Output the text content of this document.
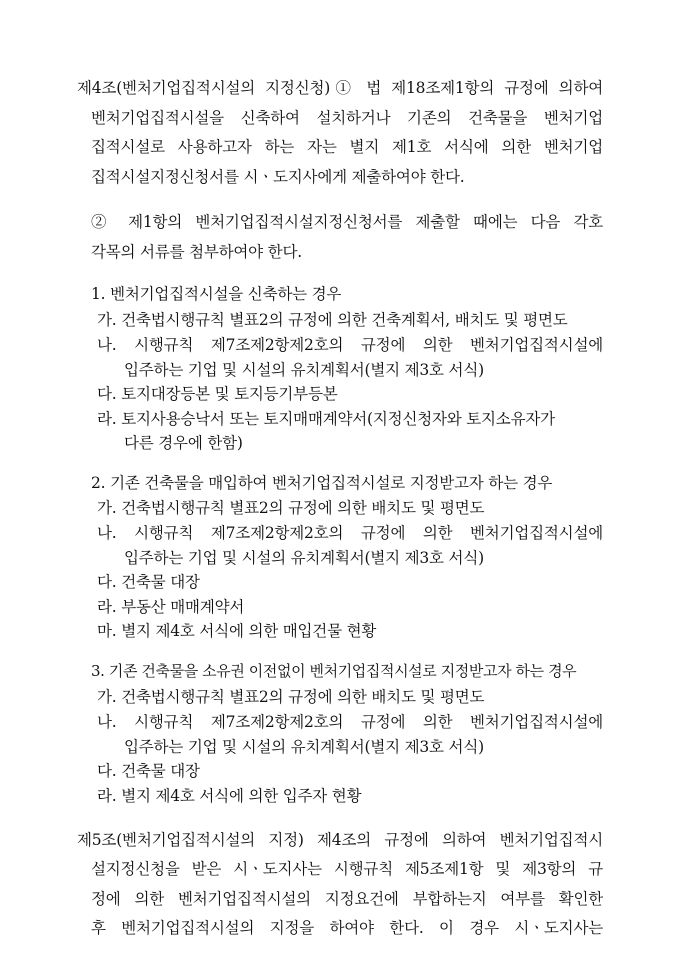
제4조(벤처기업집적시설의 지정신청)① 법 제18조제1항의 규정에 의하여
벤처기업집적시설을 신축하여 설치하거나 기존의 건축물을 벤처기업
집적시설로 사용하고자 하는 자는 별지 제1호 서식에 의한 벤처기업
집적시설지정신청서를 시ㆍ도지사에게 제출하여야 한다.
② 제1항의 벤처기업집적시설지정신청서를 제출할 때에는 다음 각호
각목의 서류를 첨부하여야 한다.
1. 벤처기업집적시설을 신축하는 경우
가. 건축법시행규칙 별표2의 규정에 의한 건축계획서, 배치도 및 평면도
나. 시행규칙 제7조제2항제2호의 규정에 의한 벤처기업집적시설에
입주하는 기업 및 시설의 유치계획서(별지 제3호 서식)
다. 토지대장등본 및 토지등기부등본
라. 토지사용승낙서 또는 토지매매계약서(지정신청자와 토지소유자가
다른 경우에 한함)
2. 기존 건축물을 매입하여 벤처기업집적시설로 지정받고자 하는 경우
가. 건축법시행규칙 별표2의 규정에 의한 배치도 및 평면도
나. 시행규칙 제7조제2항제2호의 규정에 의한 벤처기업집적시설에
입주하는 기업 및 시설의 유치계획서(별지 제3호 서식)
다. 건축물 대장
라. 부동산 매매계약서
마. 별지 제4호 서식에 의한 매입건물 현황
3. 기존 건축물을 소유권 이전없이 벤처기업집적시설로 지정받고자 하는 경우
가. 건축법시행규칙 별표2의 규정에 의한 배치도 및 평면도
나. 시행규칙 제7조제2항제2호의 규정에 의한 벤처기업집적시설에
입주하는 기업 및 시설의 유치계획서(별지 제3호 서식)
다. 건축물 대장
라. 별지 제4호 서식에 의한 입주자 현황
제5조(벤처기업집적시설의 지정) 제4조의 규정에 의하여 벤처기업집적시
설지정신청을 받은 시ㆍ도지사는 시행규칙 제5조제1항 및 제3항의 규
정에 의한 벤처기업집적시설의 지정요건에 부합하는지 여부를 확인한
후 벤처기업집적시설의 지정을 하여야 한다. 이 경우 시ㆍ도지사는
